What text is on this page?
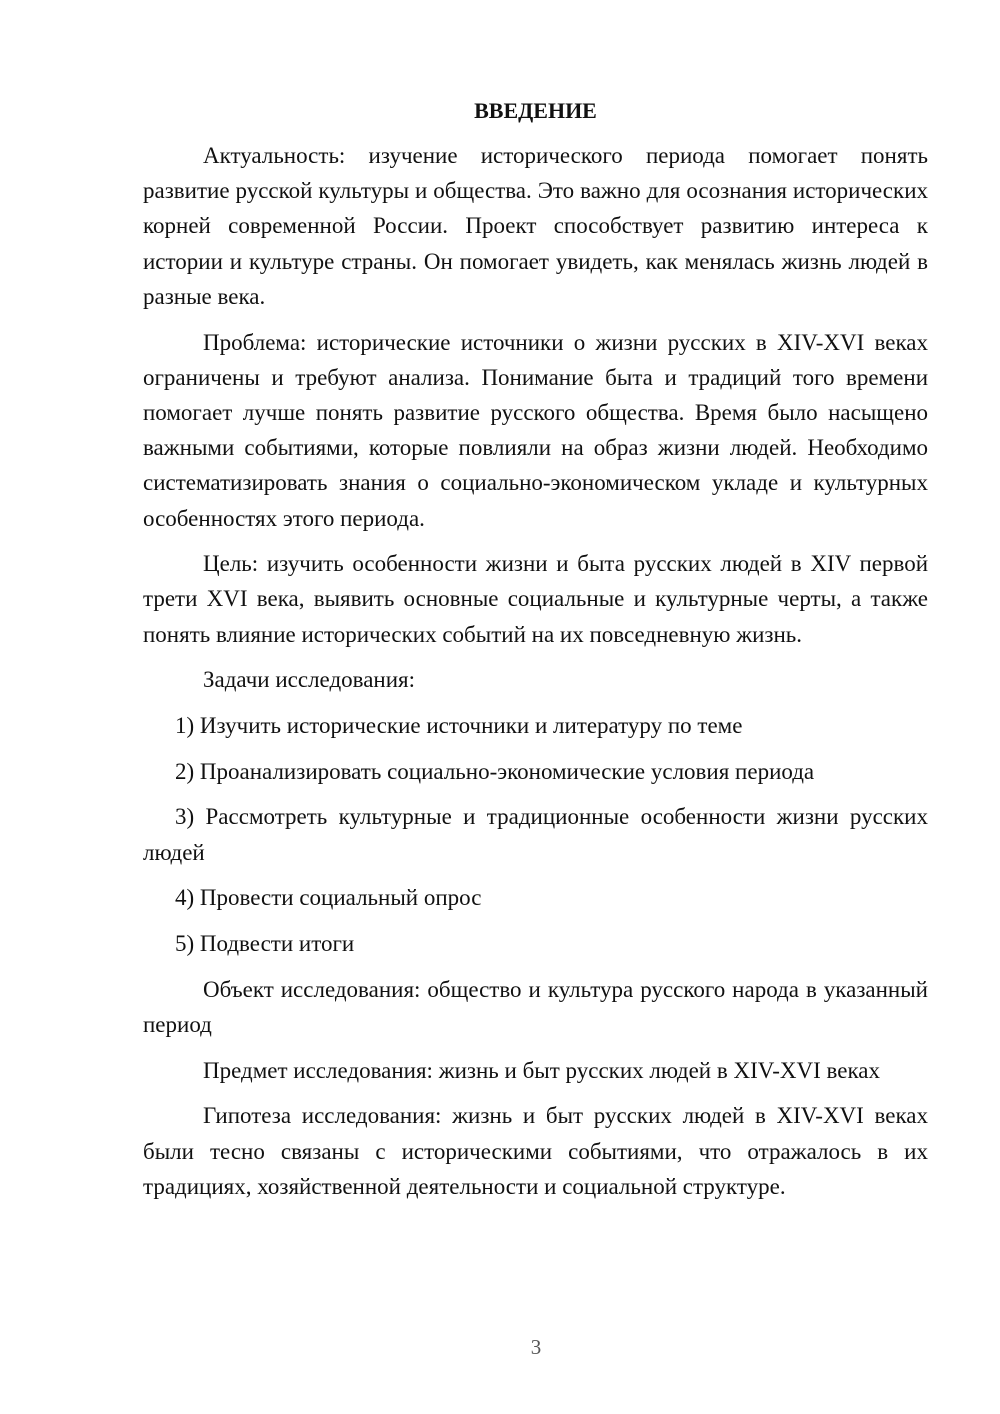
ВВЕДЕНИЕ

Актуальность: изучение исторического периода помогает понять развитие русской культуры и общества. Это важно для осознания исторических корней современной России. Проект способствует развитию интереса к истории и культуре страны. Он помогает увидеть, как менялась жизнь людей в разные века.

Проблема: исторические источники о жизни русских в XIV-XVI веках ограничены и требуют анализа. Понимание быта и традиций того времени помогает лучше понять развитие русского общества. Время было насыщено важными событиями, которые повлияли на образ жизни людей. Необходимо систематизировать знания о социально-экономическом укладе и культурных особенностях этого периода.

Цель: изучить особенности жизни и быта русских людей в XIV первой трети XVI века, выявить основные социальные и культурные черты, а также понять влияние исторических событий на их повседневную жизнь.

Задачи исследования:

1) Изучить исторические источники и литературу по теме

2) Проанализировать социально-экономические условия периода

3) Рассмотреть культурные и традиционные особенности жизни русских людей

4) Провести социальный опрос

5) Подвести итоги

Объект исследования: общество и культура русского народа в указанный период

Предмет исследования: жизнь и быт русских людей в XIV-XVI веках

Гипотеза исследования: жизнь и быт русских людей в XIV-XVI веках были тесно связаны с историческими событиями, что отражалось в их традициях, хозяйственной деятельности и социальной структуре.

3
